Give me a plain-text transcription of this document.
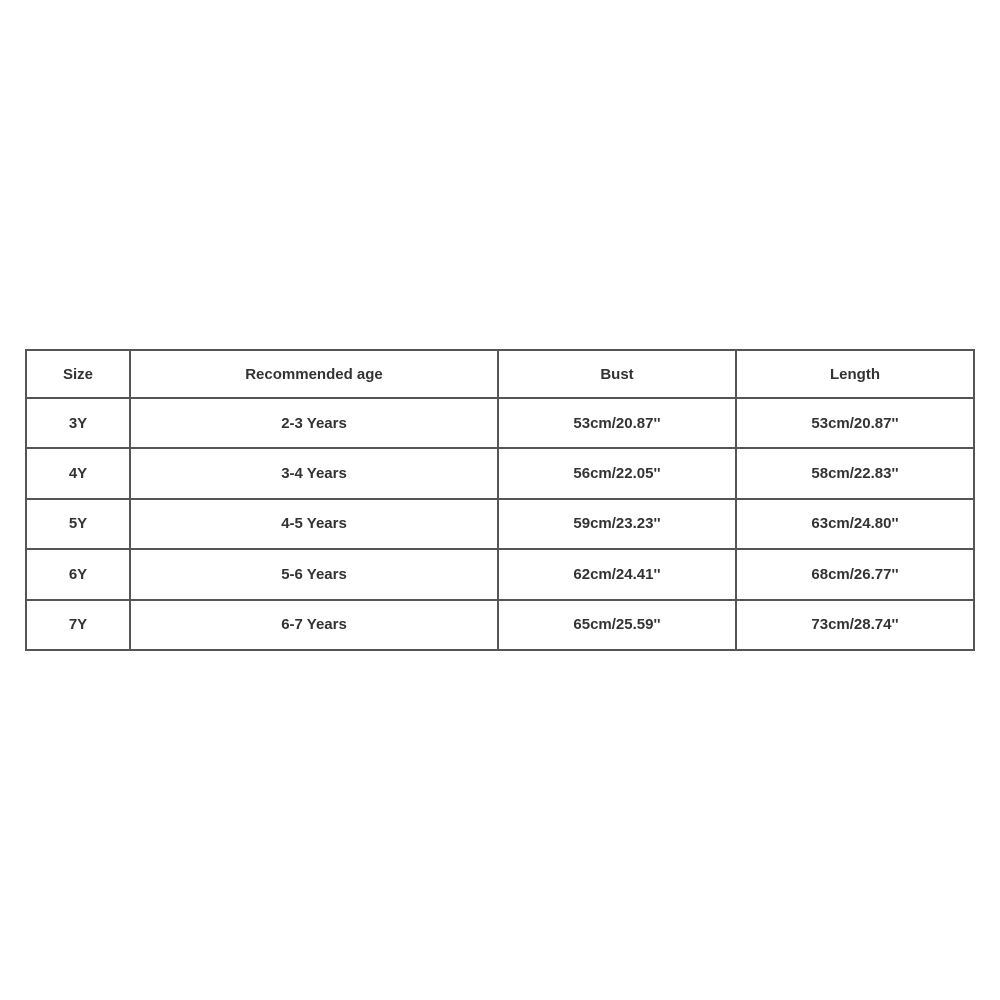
Size	Recommended age	Bust	Length
3Y	2-3 Years	53cm/20.87''	53cm/20.87''
4Y	3-4 Years	56cm/22.05''	58cm/22.83''
5Y	4-5 Years	59cm/23.23''	63cm/24.80''
6Y	5-6 Years	62cm/24.41''	68cm/26.77''
7Y	6-7 Years	65cm/25.59''	73cm/28.74''
